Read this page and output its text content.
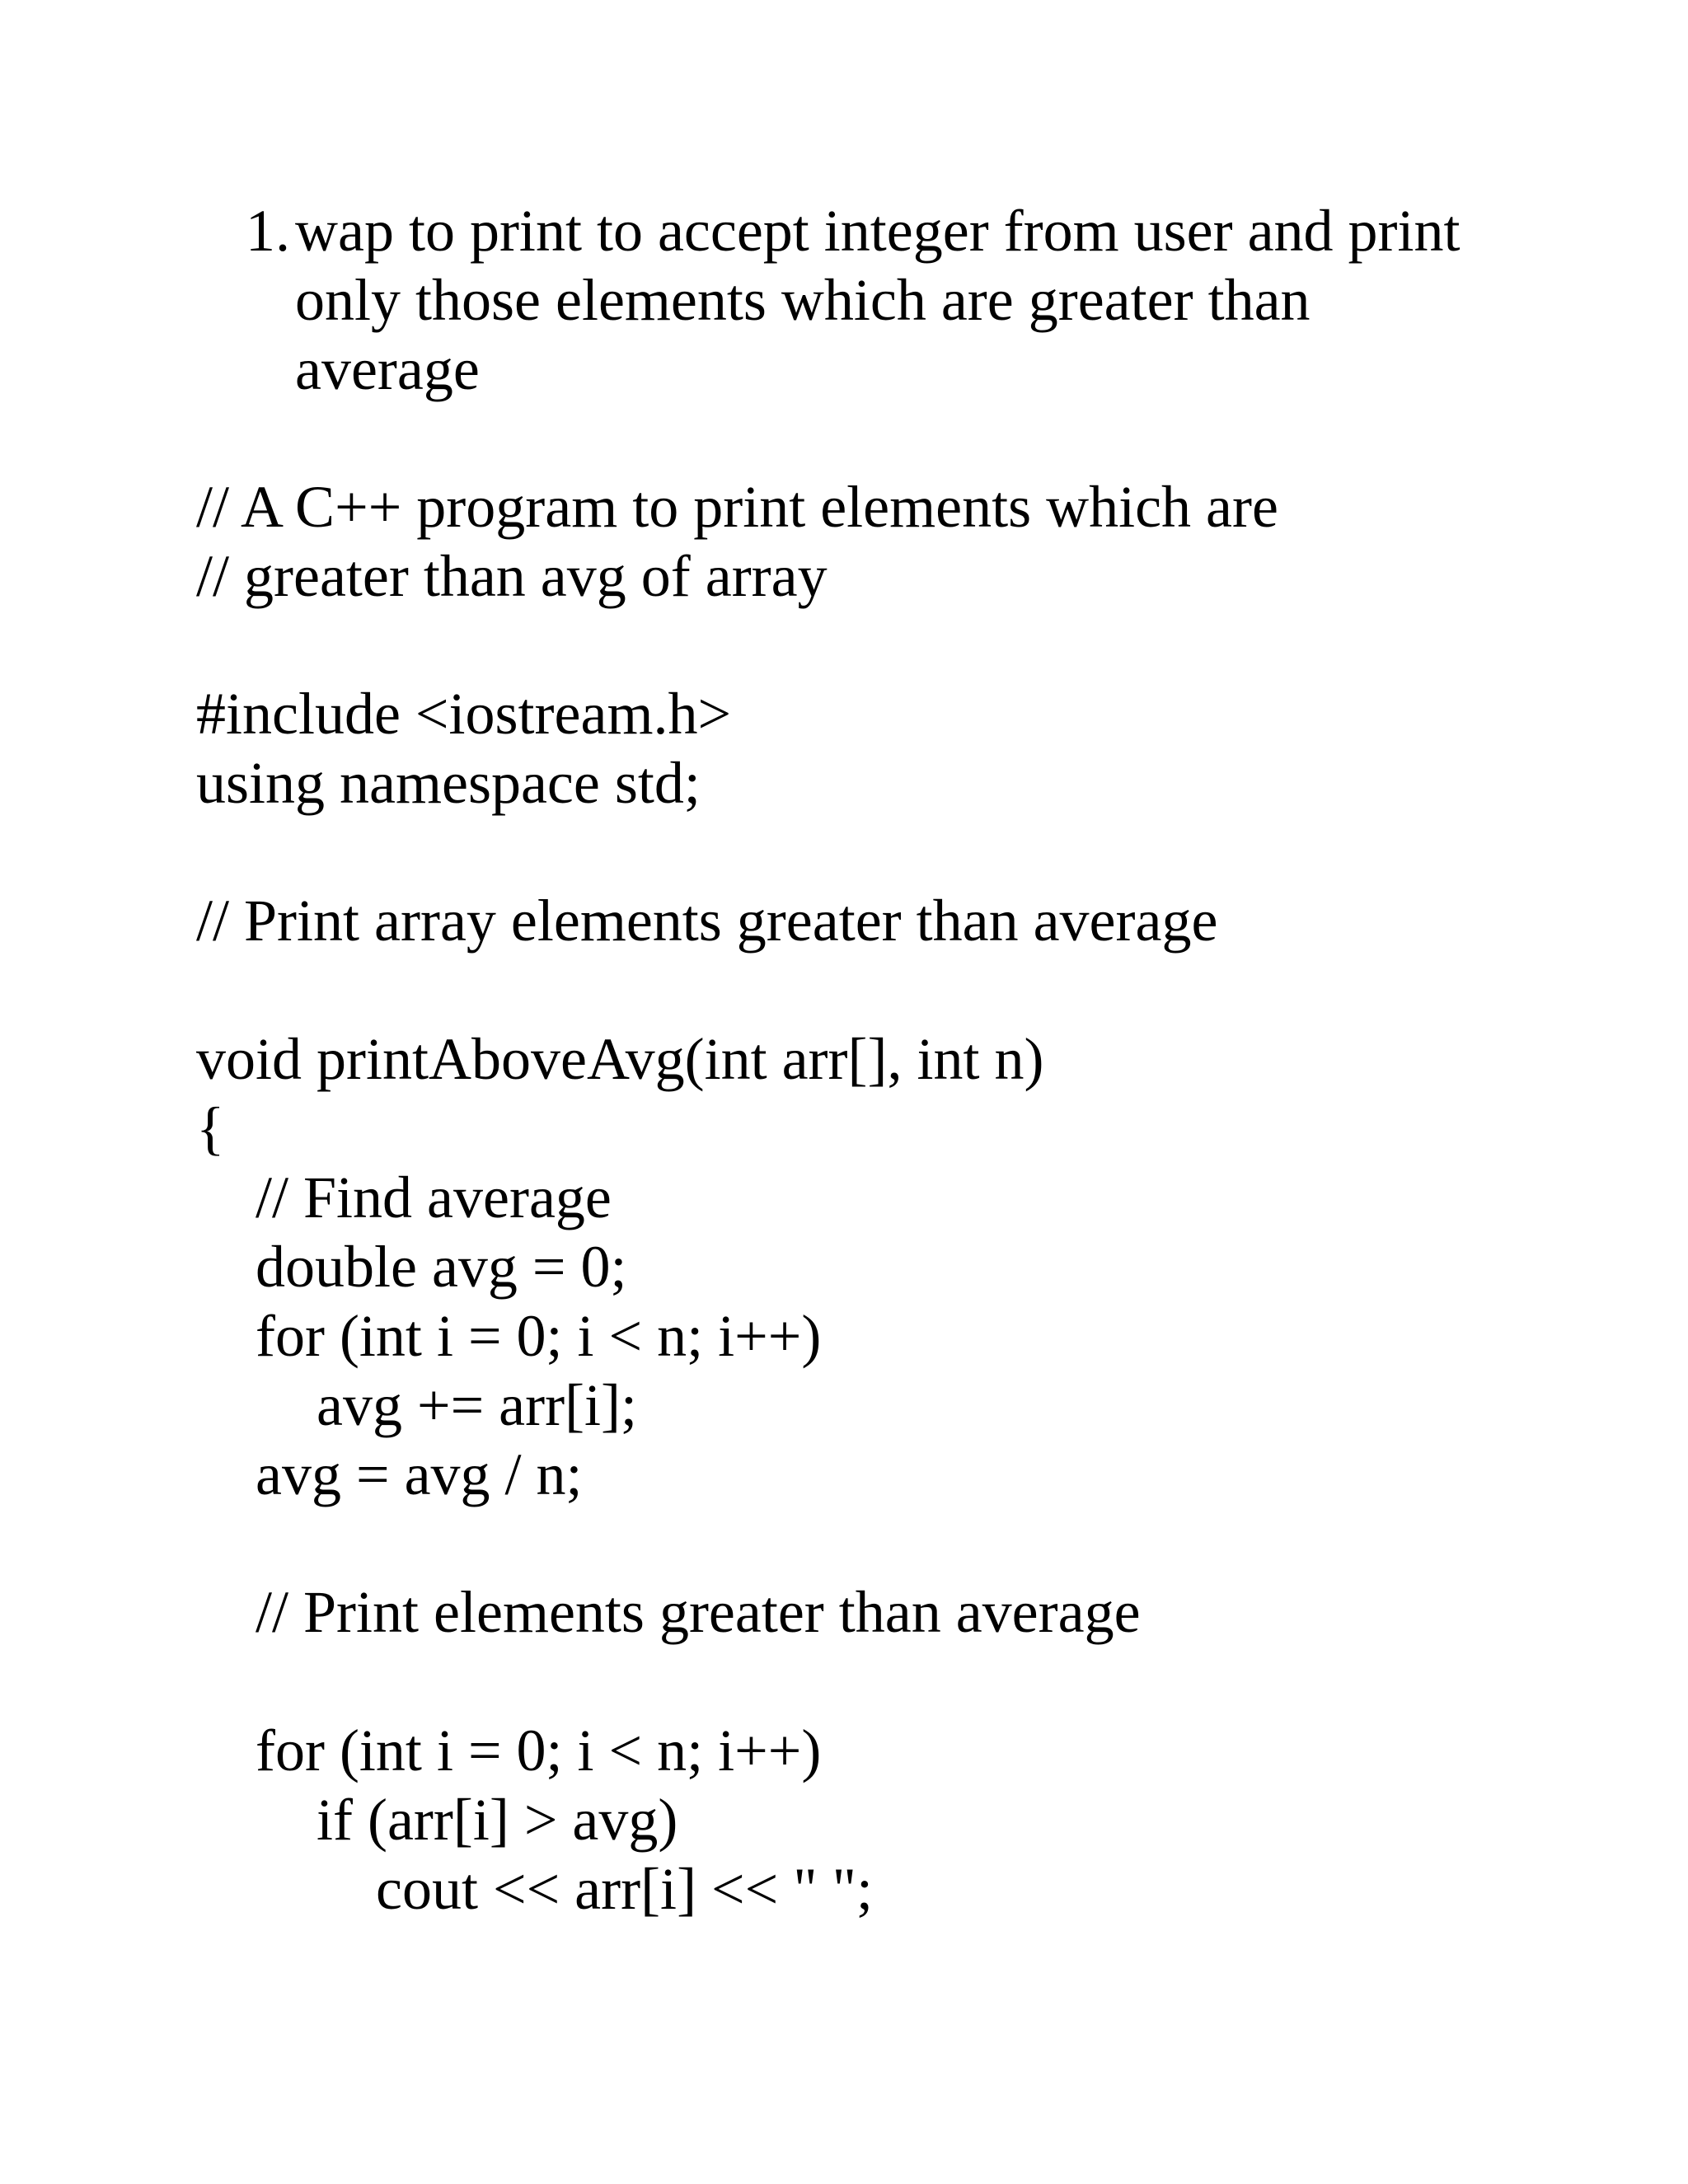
1. wap to print to accept integer from user and print
only those elements which are greater than
average
// A C++ program to print elements which are
// greater than avg of array
#include <iostream.h>
using namespace std;
// Print array elements greater than average
void printAboveAvg(int arr[], int n)
{
// Find average
double avg = 0;
for (int i = 0; i < n; i++)
avg += arr[i];
avg = avg / n;
// Print elements greater than average
for (int i = 0; i < n; i++)
if (arr[i] > avg)
cout << arr[i] << " ";
